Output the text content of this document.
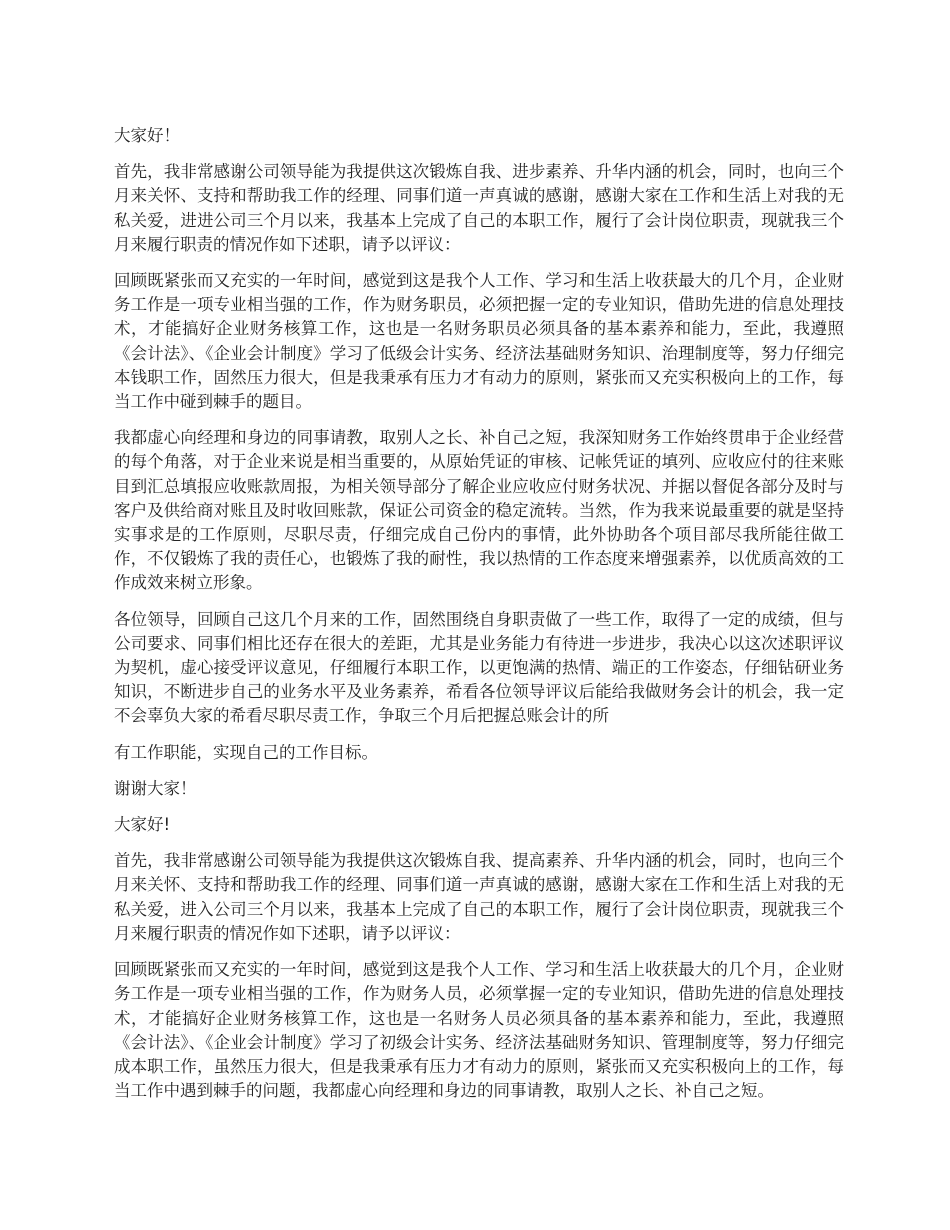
大家好！

首先，我非常感谢公司领导能为我提供这次锻炼自我、进步素养、升华内涵的机会，同时，也向三个月来关怀、支持和帮助我工作的经理、同事们道一声真诚的感谢，感谢大家在工作和生活上对我的无私关爱，进进公司三个月以来，我基本上完成了自己的本职工作，履行了会计岗位职责，现就我三个月来履行职责的情况作如下述职，请予以评议：

回顾既紧张而又充实的一年时间，感觉到这是我个人工作、学习和生活上收获最大的几个月，企业财务工作是一项专业相当强的工作，作为财务职员，必须把握一定的专业知识，借助先进的信息处理技术，才能搞好企业财务核算工作，这也是一名财务职员必须具备的基本素养和能力，至此，我遵照《会计法》、《企业会计制度》学习了低级会计实务、经济法基础财务知识、治理制度等，努力仔细完本钱职工作，固然压力很大，但是我秉承有压力才有动力的原则，紧张而又充实积极向上的工作，每当工作中碰到棘手的题目。

我都虚心向经理和身边的同事请教，取别人之长、补自己之短，我深知财务工作始终贯串于企业经营的每个角落，对于企业来说是相当重要的，从原始凭证的审核、记帐凭证的填列、应收应付的往来账目到汇总填报应收账款周报，为相关领导部分了解企业应收应付财务状况、并据以督促各部分及时与客户及供给商对账且及时收回账款，保证公司资金的稳定流转。当然，作为我来说最重要的就是坚持实事求是的工作原则，尽职尽责，仔细完成自己份内的事情，此外协助各个项目部尽我所能往做工作，不仅锻炼了我的责任心，也锻炼了我的耐性，我以热情的工作态度来增强素养，以优质高效的工作成效来树立形象。

各位领导，回顾自己这几个月来的工作，固然围绕自身职责做了一些工作，取得了一定的成绩，但与公司要求、同事们相比还存在很大的差距，尤其是业务能力有待进一步进步，我决心以这次述职评议为契机，虚心接受评议意见，仔细履行本职工作，以更饱满的热情、端正的工作姿态，仔细钻研业务知识，不断进步自己的业务水平及业务素养，希看各位领导评议后能给我做财务会计的机会，我一定不会辜负大家的希看尽职尽责工作，争取三个月后把握总账会计的所

有工作职能，实现自己的工作目标。

谢谢大家！

大家好!

首先，我非常感谢公司领导能为我提供这次锻炼自我、提高素养、升华内涵的机会，同时，也向三个月来关怀、支持和帮助我工作的经理、同事们道一声真诚的感谢，感谢大家在工作和生活上对我的无私关爱，进入公司三个月以来，我基本上完成了自己的本职工作，履行了会计岗位职责，现就我三个月来履行职责的情况作如下述职，请予以评议：

回顾既紧张而又充实的一年时间，感觉到这是我个人工作、学习和生活上收获最大的几个月，企业财务工作是一项专业相当强的工作，作为财务人员，必须掌握一定的专业知识，借助先进的信息处理技术，才能搞好企业财务核算工作，这也是一名财务人员必须具备的基本素养和能力，至此，我遵照《会计法》、《企业会计制度》学习了初级会计实务、经济法基础财务知识、管理制度等，努力仔细完成本职工作，虽然压力很大，但是我秉承有压力才有动力的原则，紧张而又充实积极向上的工作，每当工作中遇到棘手的问题，我都虚心向经理和身边的同事请教，取别人之长、补自己之短。
